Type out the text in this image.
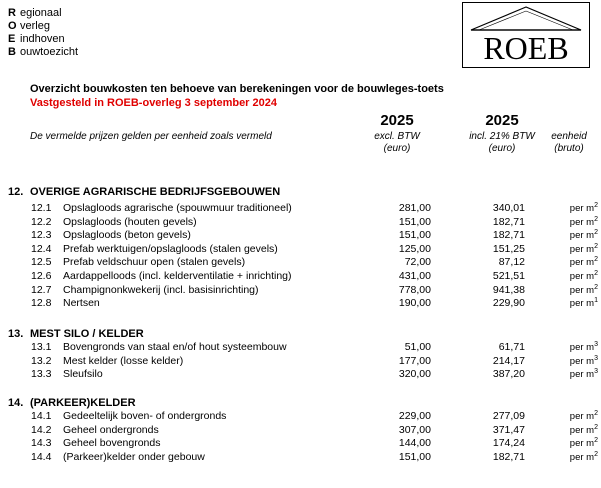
R egionaal
O verleg
E indhoven
B ouwtoezicht	ROEB
Overzicht bouwkosten ten behoeve van berekeningen voor de bouwleges-toets
Vastgesteld in ROEB-overleg 3 september 2024
2025	2025
excl. BTW
(euro)
incl. 21% BTW
(euro)
eenheid
(bruto)
De vermelde prijzen gelden per eenheid zoals vermeld
12. OVERIGE AGRARISCHE BEDRIJFSGEBOUWEN
12.1 Opslagloods agrarische (spouwmuur traditioneel)	281,00	340,01	per $m^2$
12.2 Opslagloods (houten gevels)	151,00	182,71	per $m^2$
12.3 Opslagloods (beton gevels)	151,00	182,71	per $m^2$
12.4 Prefab werktuigen/opslagloods (stalen gevels)	125,00	151,25	per $m^2$
12.5 Prefab veldschuur open (stalen gevels)	72,00	87,12	per $m^2$
12.6 Aardappelloods (incl. kelderventilatie + inrichting)	431,00	521,51	per $m^2$
12.7 Champignonkwekerij (incl. basisinrichting)	778,00	941,38	per $m^2$
12.8 Nertsen	190,00	229,90	per $m^1$
13. MEST SILO / KELDER
13.1 Bovengronds van staal en/of hout systeembouw	51,00	61,71	per $m^3$
13.2 Mest kelder (losse kelder)	177,00	214,17	per $m^3$
13.3 Sleufsilo	320,00	387,20	per $m^3$
14. (PARKEER)KELDER
14.1 Gedeeltelijk boven- of ondergronds	229,00	277,09	per $m^2$
14.2 Geheel ondergronds	307,00	371,47	per $m^2$
14.3 Geheel bovengronds	144,00	174,24	per $m^2$
14.4 (Parkeer)kelder onder gebouw	151,00	182,71	per $m^2$
